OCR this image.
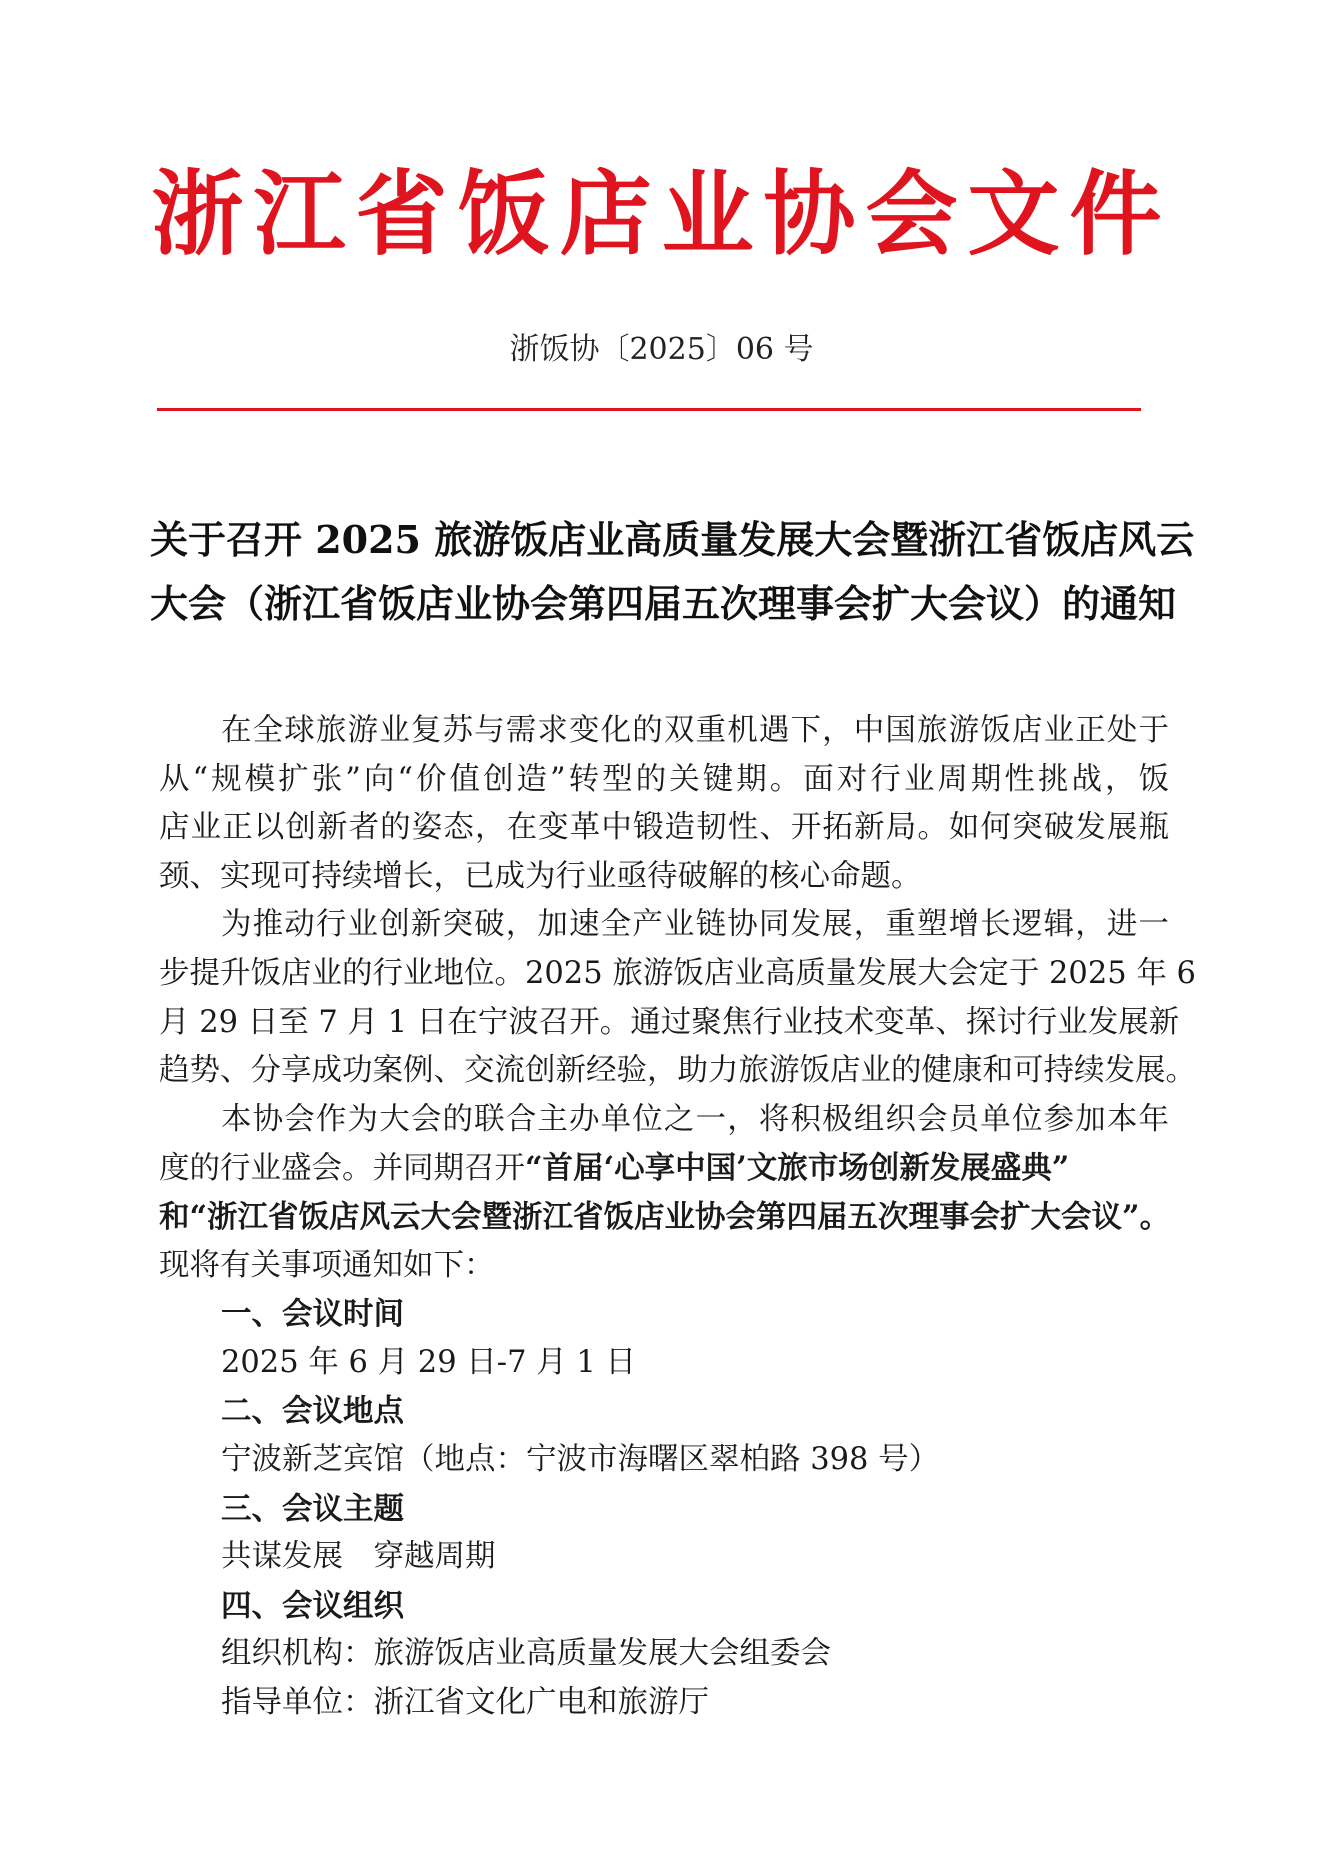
浙江省饭店业协会文件
浙饭协〔2025〕06 号
关于召开 2025 旅游饭店业高质量发展大会暨浙江省饭店风云
大会（浙江省饭店业协会第四届五次理事会扩大会议）的通知
在全球旅游业复苏与需求变化的双重机遇下，中国旅游饭店业正处于
从“规模扩张”向“价值创造”转型的关键期。面对行业周期性挑战，饭
店业正以创新者的姿态，在变革中锻造韧性、开拓新局。如何突破发展瓶
颈、实现可持续增长，已成为行业亟待破解的核心命题。
为推动行业创新突破，加速全产业链协同发展，重塑增长逻辑，进一
步提升饭店业的行业地位。2025 旅游饭店业高质量发展大会定于 2025 年 6
月 29 日至 7 月 1 日在宁波召开。通过聚焦行业技术变革、探讨行业发展新
趋势、分享成功案例、交流创新经验，助力旅游饭店业的健康和可持续发展。
本协会作为大会的联合主办单位之一，将积极组织会员单位参加本年
度的行业盛会。并同期召开“首届‘心享中国’文旅市场创新发展盛典”
和“浙江省饭店风云大会暨浙江省饭店业协会第四届五次理事会扩大会议”。
现将有关事项通知如下：
一、会议时间
2025 年 6 月 29 日-7 月 1 日
二、会议地点
宁波新芝宾馆（地点：宁波市海曙区翠柏路 398 号）
三、会议主题
共谋发展　穿越周期
四、会议组织
组织机构：旅游饭店业高质量发展大会组委会
指导单位：浙江省文化广电和旅游厅
